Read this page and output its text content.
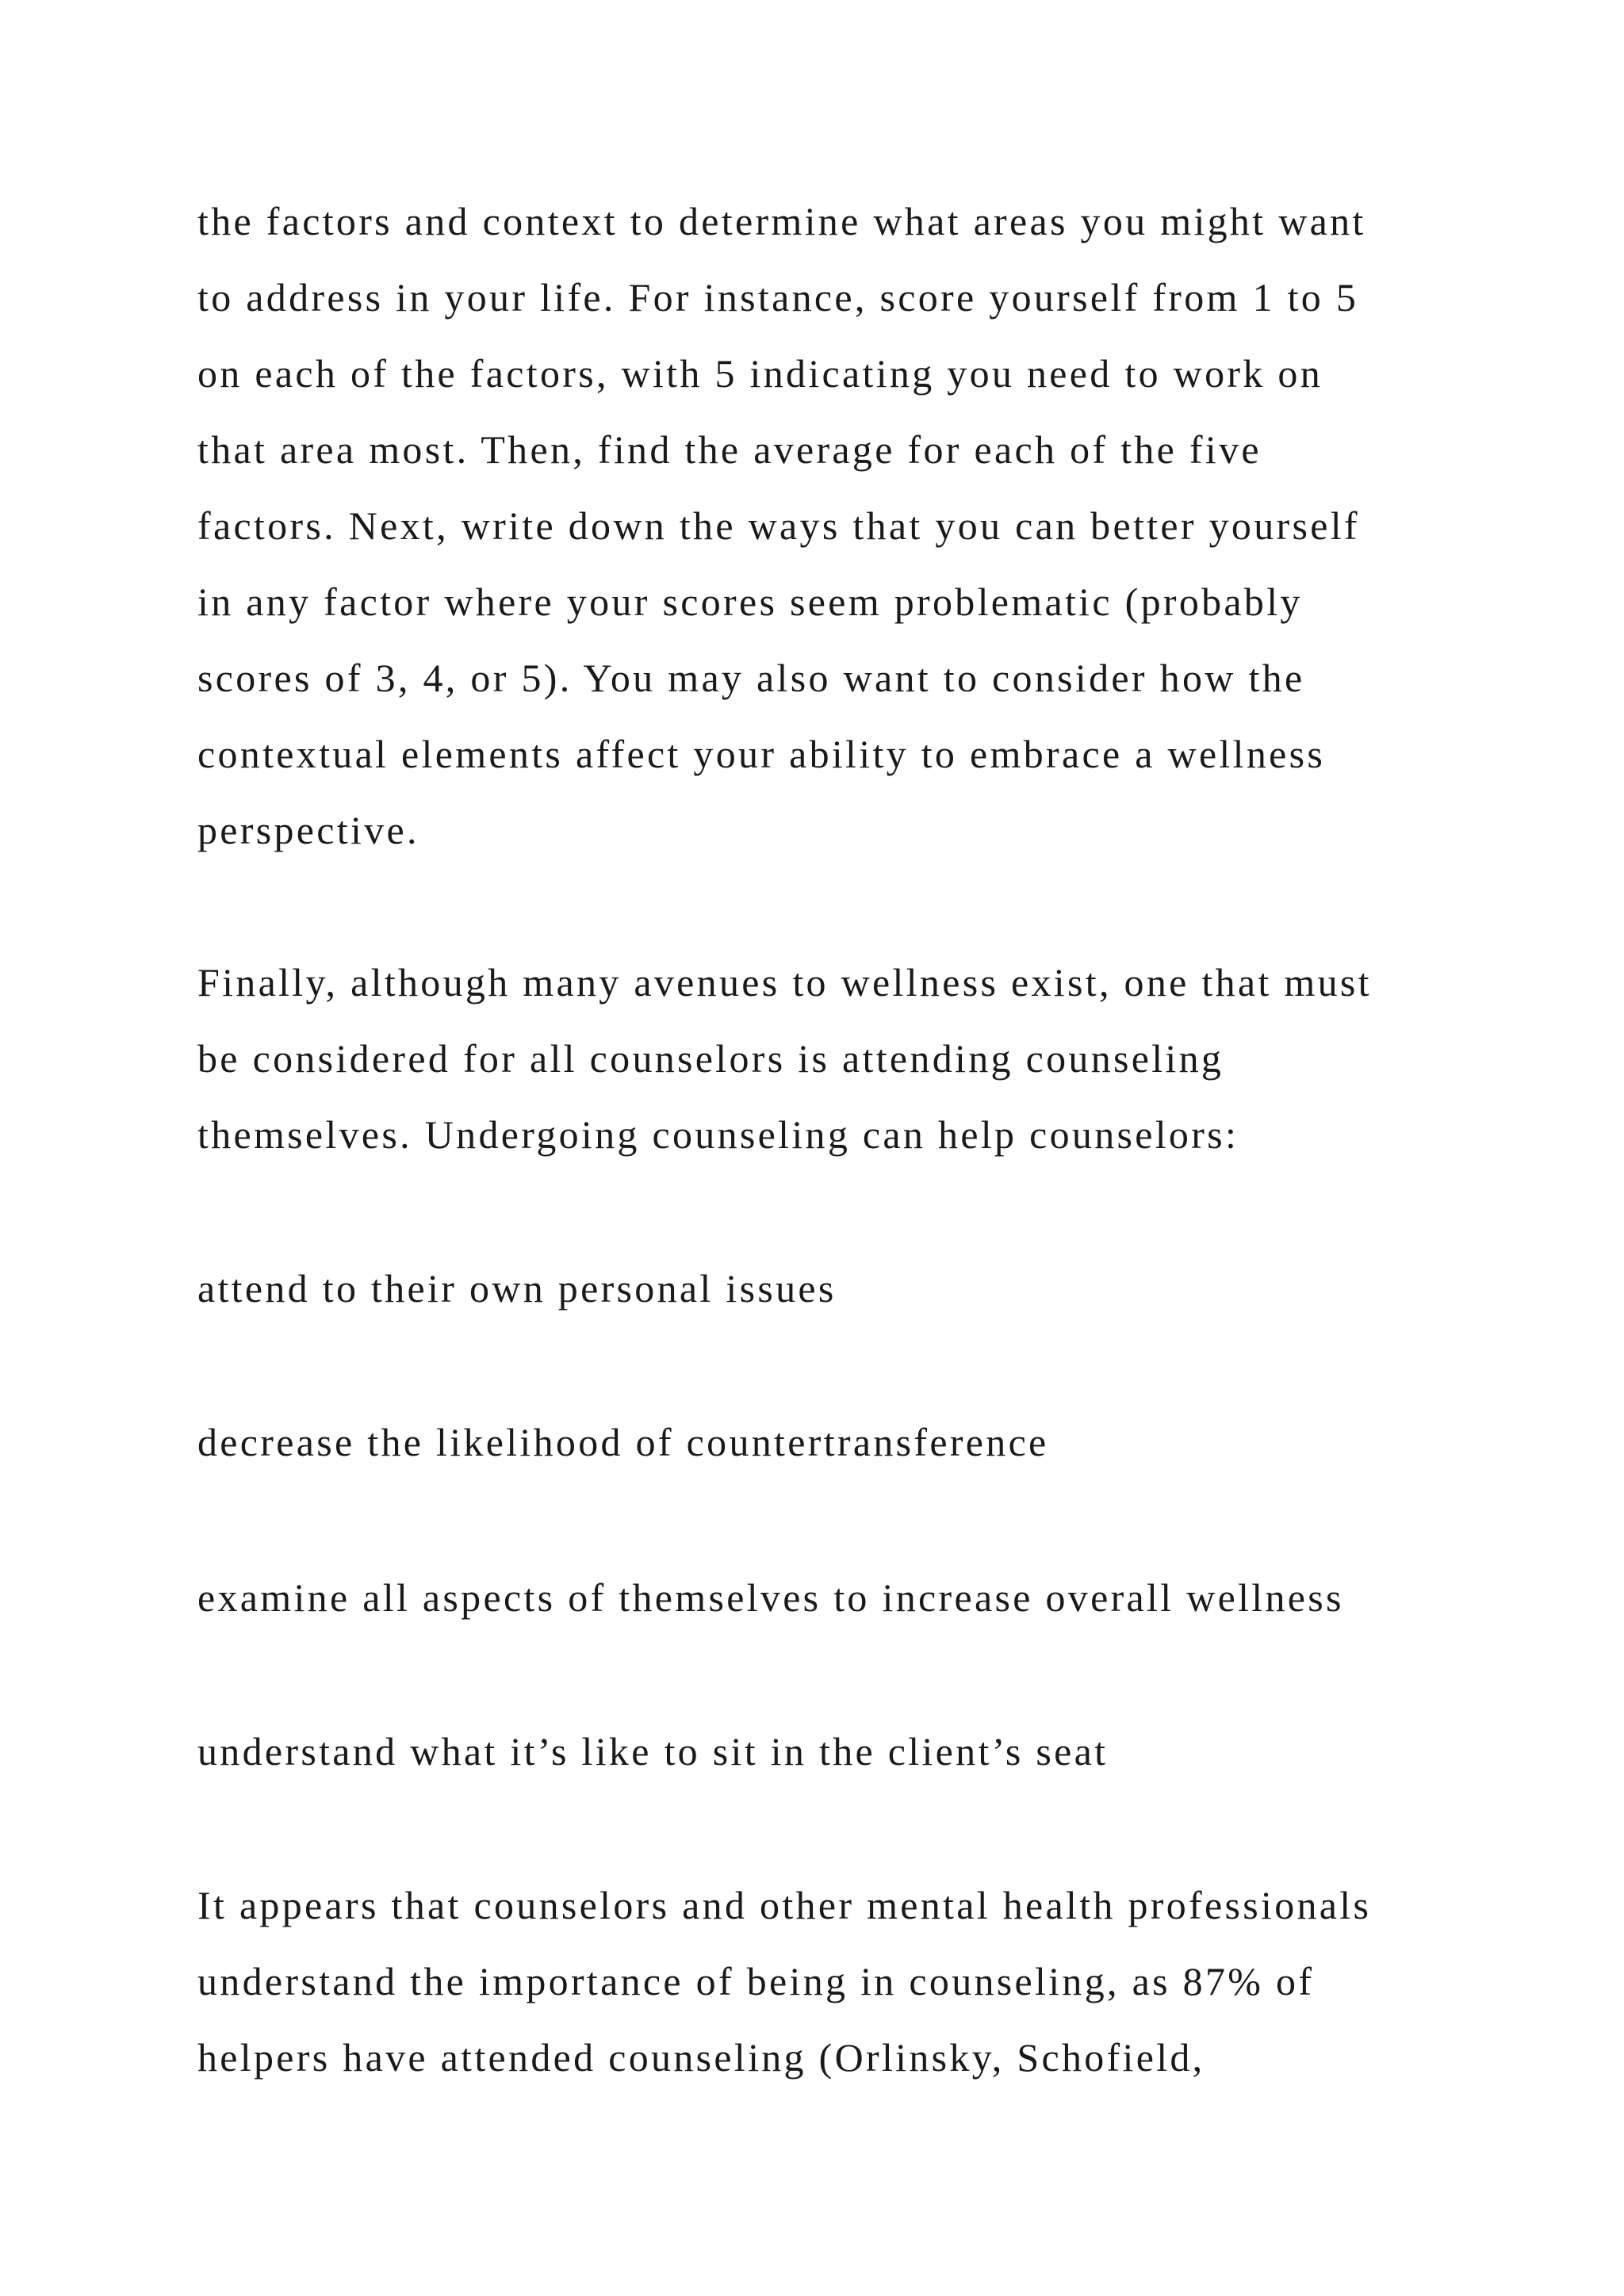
the factors and context to determine what areas you might want
to address in your life. For instance, score yourself from 1 to 5
on each of the factors, with 5 indicating you need to work on
that area most. Then, find the average for each of the five
factors. Next, write down the ways that you can better yourself
in any factor where your scores seem problematic (probably
scores of 3, 4, or 5). You may also want to consider how the
contextual elements affect your ability to embrace a wellness
perspective.
Finally, although many avenues to wellness exist, one that must
be considered for all counselors is attending counseling
themselves. Undergoing counseling can help counselors:
attend to their own personal issues
decrease the likelihood of countertransference
examine all aspects of themselves to increase overall wellness
understand what it’s like to sit in the client’s seat
It appears that counselors and other mental health professionals
understand the importance of being in counseling, as 87% of
helpers have attended counseling (Orlinsky, Schofield,
